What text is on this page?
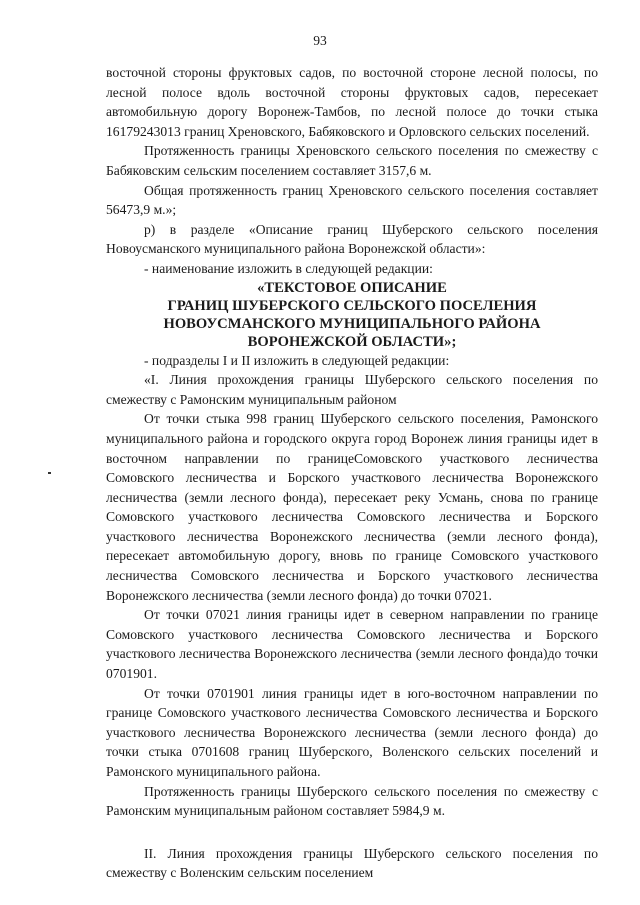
93

восточной стороны фруктовых садов, по восточной стороне лесной полосы, по лесной полосе вдоль восточной стороны фруктовых садов, пересекает автомобильную дорогу Воронеж-Тамбов, по лесной полосе до точки стыка 16179243013 границ Хреновского, Бабяковского и Орловского сельских поселений.

Протяженность границы Хреновского сельского поселения по смежеству с Бабяковским сельским поселением составляет 3157,6 м.

Общая протяженность границ Хреновского сельского поселения составляет 56473,9 м.»;

р) в разделе «Описание границ Шуберского сельского поселения Новоусманского муниципального района Воронежской области»:

- наименование изложить в следующей редакции:

«ТЕКСТОВОЕ ОПИСАНИЕ

ГРАНИЦ ШУБЕРСКОГО СЕЛЬСКОГО ПОСЕЛЕНИЯ

НОВОУСМАНСКОГО МУНИЦИПАЛЬНОГО РАЙОНА

ВОРОНЕЖСКОЙ ОБЛАСТИ»;

- подразделы I и II изложить в следующей редакции:

«I. Линия прохождения границы Шуберского сельского поселения по смежеству с Рамонским муниципальным районом

От точки стыка 998 границ Шуберского сельского поселения, Рамонского муниципального района и городского округа город Воронеж линия границы идет в восточном направлении по границеСомовского участкового лесничества Сомовского лесничества и Борского участкового лесничества Воронежского лесничества (земли лесного фонда), пересекает реку Усмань, снова по границе Сомовского участкового лесничества Сомовского лесничества и Борского участкового лесничества Воронежского лесничества (земли лесного фонда), пересекает автомобильную дорогу, вновь по границе Сомовского участкового лесничества Сомовского лесничества и Борского участкового лесничества Воронежского лесничества (земли лесного фонда) до точки 07021.

От точки 07021 линия границы идет в северном направлении по границе Сомовского участкового лесничества Сомовского лесничества и Борского участкового лесничества Воронежского лесничества (земли лесного фонда)до точки 0701901.

От точки 0701901 линия границы идет в юго-восточном направлении по границе Сомовского участкового лесничества Сомовского лесничества и Борского участкового лесничества Воронежского лесничества (земли лесного фонда) до точки стыка 0701608 границ Шуберского, Воленского сельских поселений и Рамонского муниципального района.

Протяженность границы Шуберского сельского поселения по смежеству с Рамонским муниципальным районом составляет 5984,9 м.

II. Линия прохождения границы Шуберского сельского поселения по смежеству с Воленским сельским поселением
